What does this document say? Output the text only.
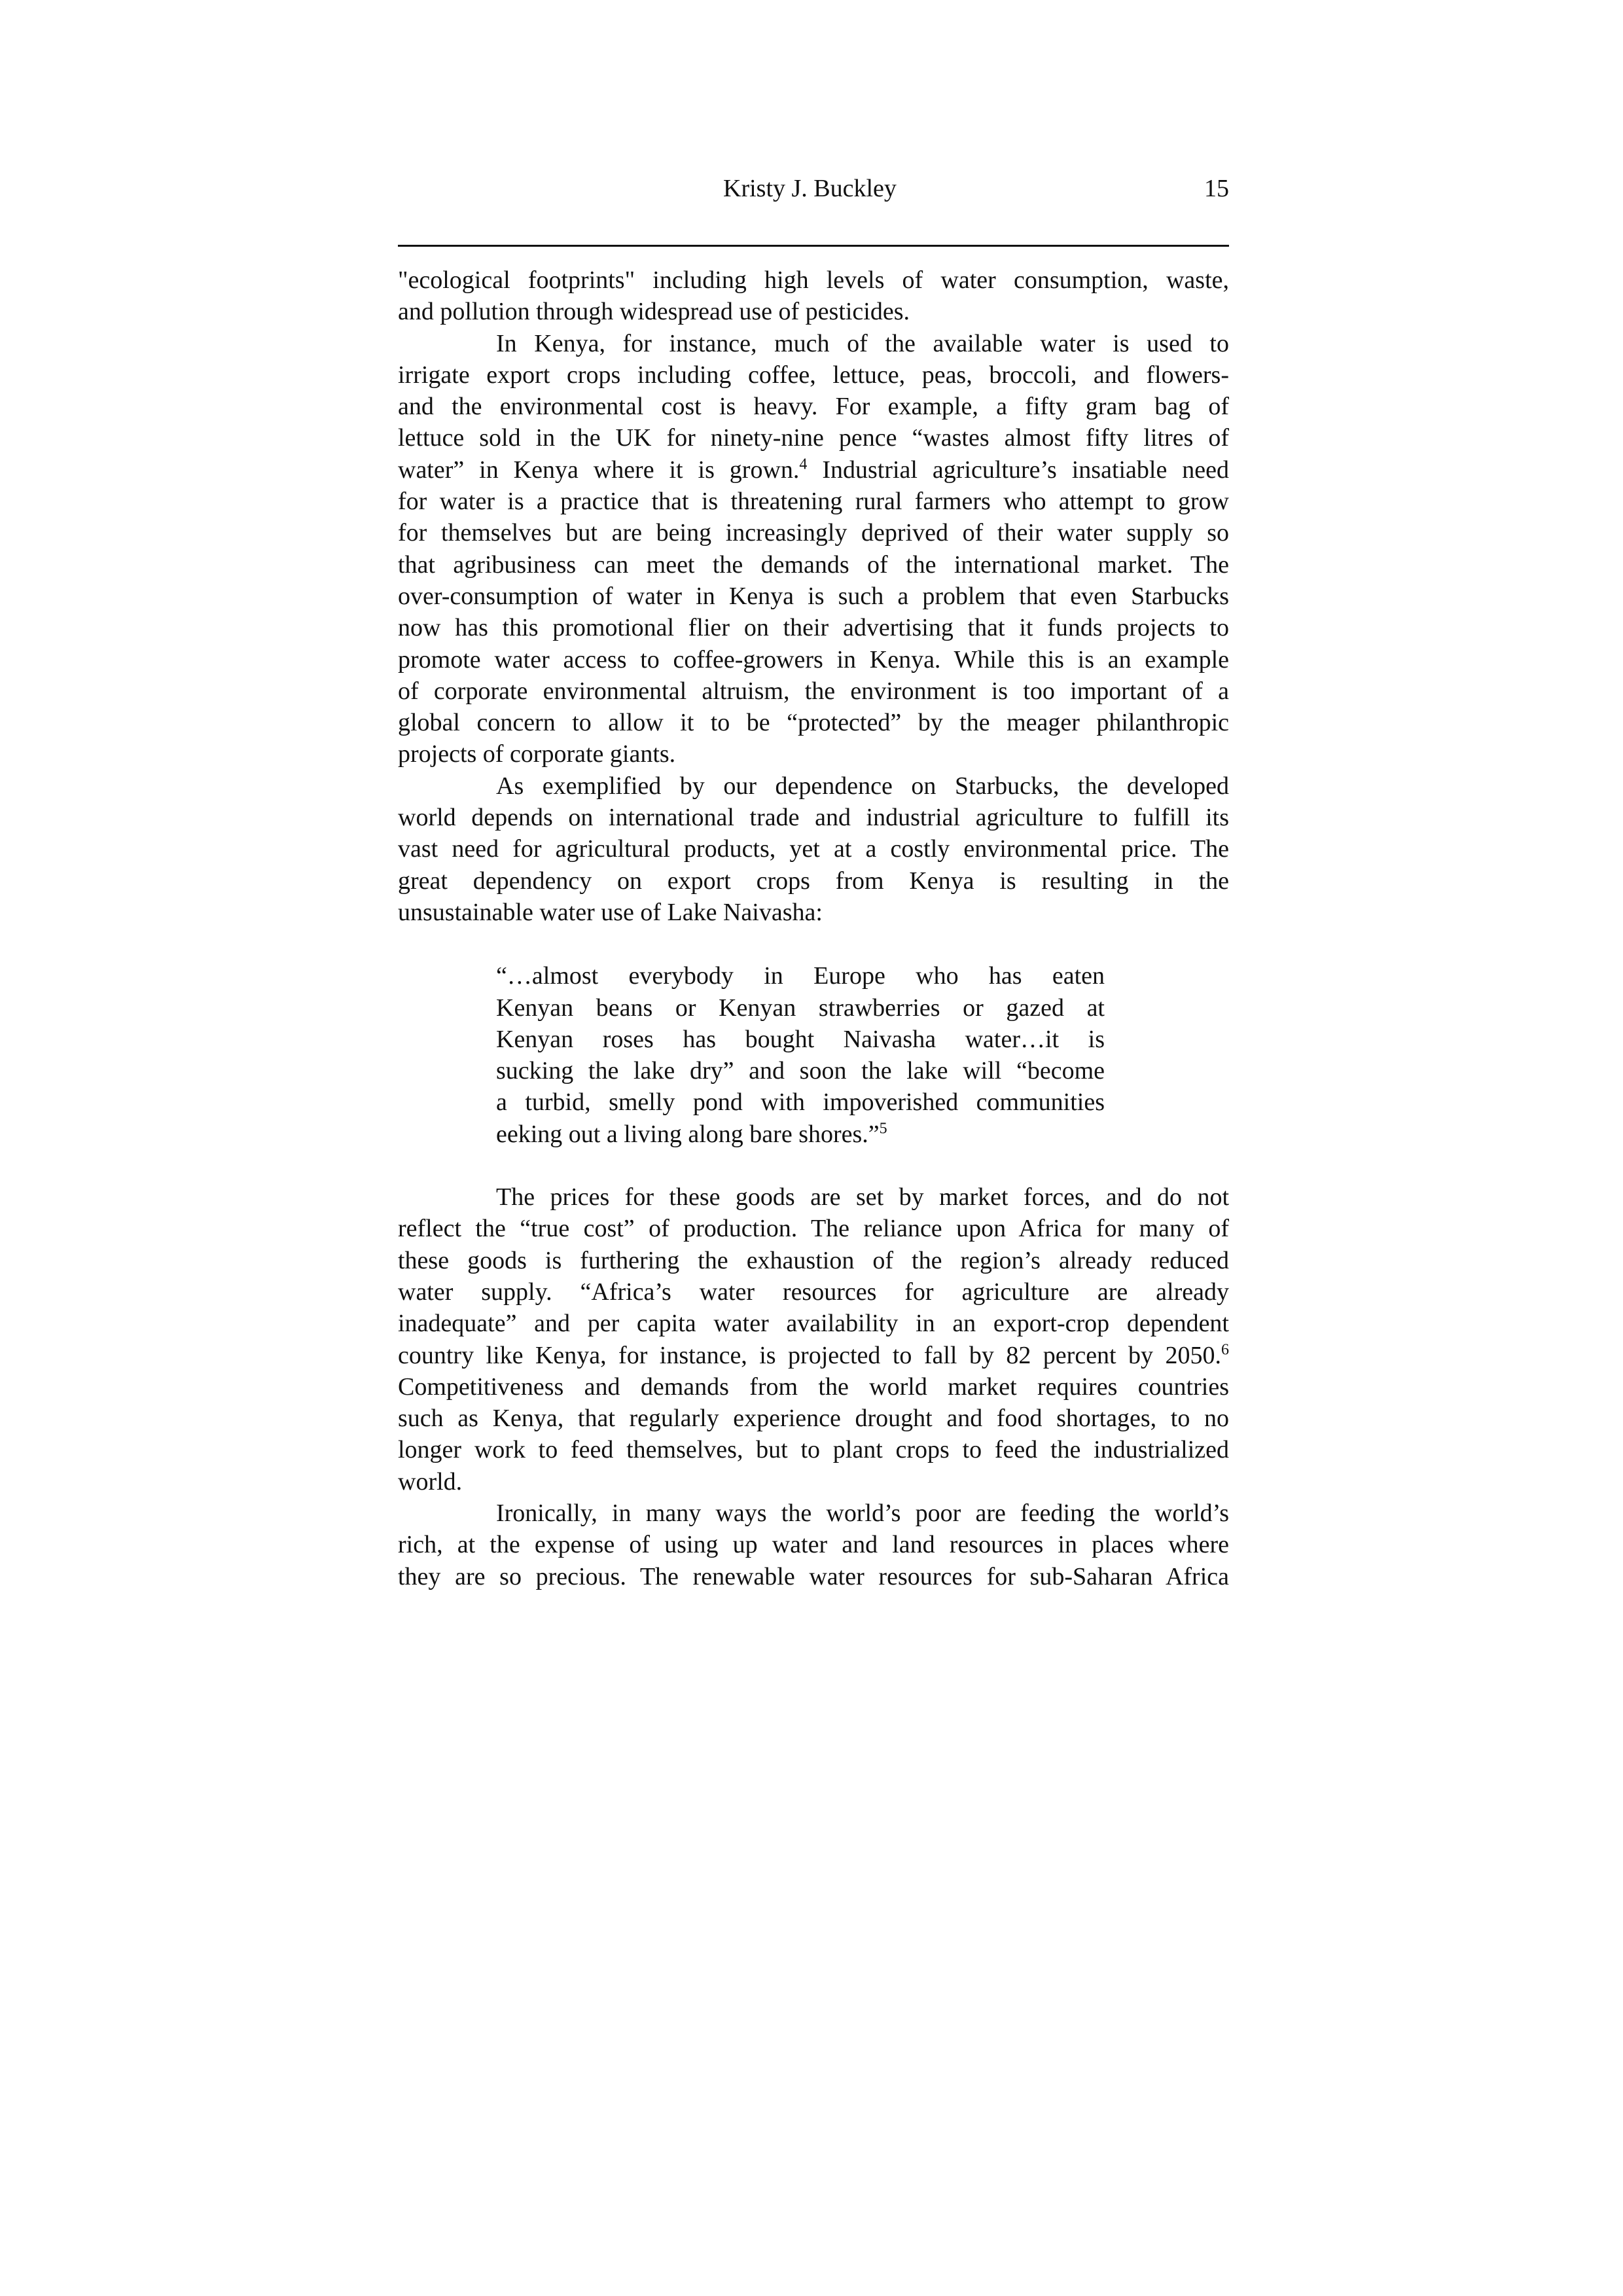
Kristy J. Buckley	15

"ecological footprints" including high levels of water consumption, waste,
and pollution through widespread use of pesticides.

In Kenya, for instance, much of the available water is used to
irrigate export crops including coffee, lettuce, peas, broccoli, and flowers-
and the environmental cost is heavy. For example, a fifty gram bag of
lettuce sold in the UK for ninety-nine pence “wastes almost fifty litres of
water” in Kenya where it is grown.$^4$ Industrial agriculture’s insatiable need
for water is a practice that is threatening rural farmers who attempt to grow
for themselves but are being increasingly deprived of their water supply so
that agribusiness can meet the demands of the international market. The
over-consumption of water in Kenya is such a problem that even Starbucks
now has this promotional flier on their advertising that it funds projects to
promote water access to coffee-growers in Kenya. While this is an example
of corporate environmental altruism, the environment is too important of a
global concern to allow it to be “protected” by the meager philanthropic
projects of corporate giants.

As exemplified by our dependence on Starbucks, the developed
world depends on international trade and industrial agriculture to fulfill its
vast need for agricultural products, yet at a costly environmental price. The
great dependency on export crops from Kenya is resulting in the
unsustainable water use of Lake Naivasha:

“…almost everybody in Europe who has eaten
Kenyan beans or Kenyan strawberries or gazed at
Kenyan roses has bought Naivasha water…it is
sucking the lake dry” and soon the lake will “become
a turbid, smelly pond with impoverished communities
eeking out a living along bare shores.”$^5$

The prices for these goods are set by market forces, and do not
reflect the “true cost” of production. The reliance upon Africa for many of
these goods is furthering the exhaustion of the region’s already reduced
water supply. “Africa’s water resources for agriculture are already
inadequate” and per capita water availability in an export-crop dependent
country like Kenya, for instance, is projected to fall by 82 percent by 2050.$^6$
Competitiveness and demands from the world market requires countries
such as Kenya, that regularly experience drought and food shortages, to no
longer work to feed themselves, but to plant crops to feed the industrialized
world.

Ironically, in many ways the world’s poor are feeding the world’s
rich, at the expense of using up water and land resources in places where
they are so precious. The renewable water resources for sub-Saharan Africa
